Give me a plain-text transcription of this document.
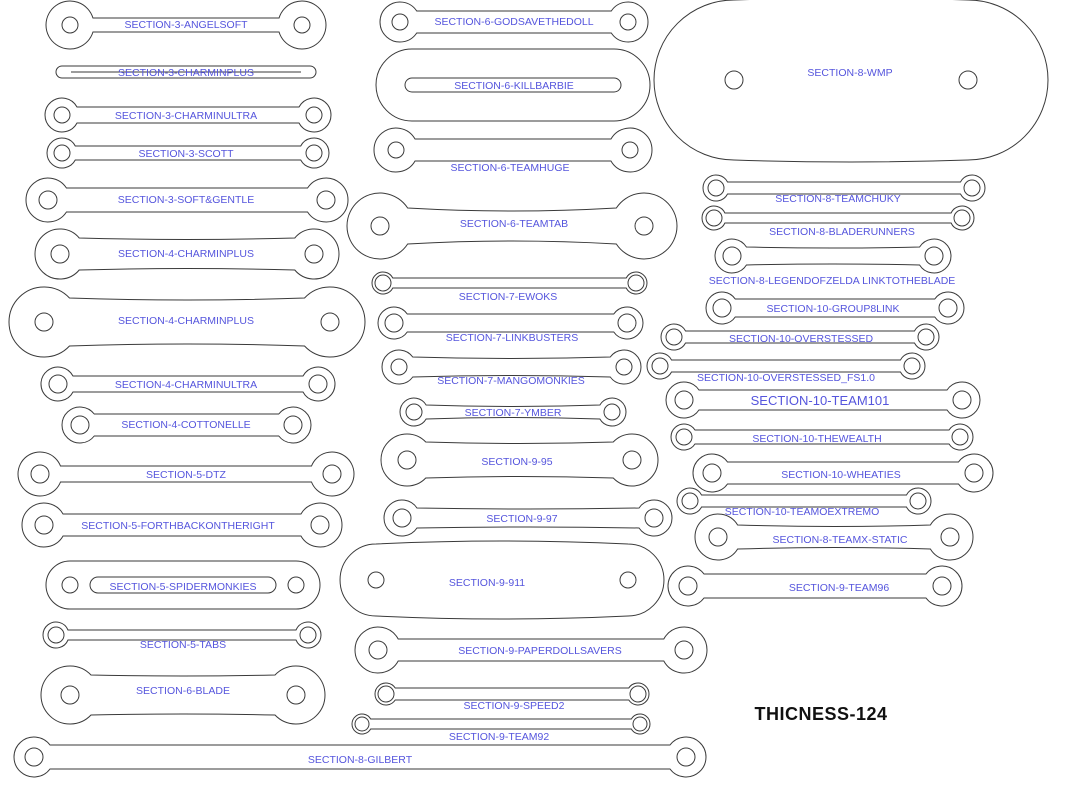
SECTION-3-ANGELSOFT
SECTION-3-CHARMINPLUS
SECTION-3-CHARMINULTRA
SECTION-3-SCOTT
SECTION-3-SOFT&GENTLE
SECTION-4-CHARMINPLUS
SECTION-4-CHARMINPLUS
SECTION-4-CHARMINULTRA
SECTION-4-COTTONELLE
SECTION-5-DTZ
SECTION-5-FORTHBACKONTHERIGHT
SECTION-5-SPIDERMONKIES
SECTION-5-TABS
SECTION-6-BLADE
SECTION-8-GILBERT
SECTION-6-GODSAVETHEDOLL
SECTION-6-KILLBARBIE
SECTION-6-TEAMHUGE
SECTION-6-TEAMTAB
SECTION-7-EWOKS
SECTION-7-LINKBUSTERS
SECTION-7-MANGOMONKIES
SECTION-7-YMBER
SECTION-9-95
SECTION-9-97
SECTION-9-911
SECTION-9-PAPERDOLLSAVERS
SECTION-9-SPEED2
SECTION-9-TEAM92
SECTION-8-WMP
SECTION-8-TEAMCHUKY
SECTION-8-BLADERUNNERS
SECTION-8-LEGENDOFZELDA LINKTOTHEBLADE
SECTION-10-GROUP8LINK
SECTION-10-OVERSTESSED
SECTION-10-OVERSTESSED_FS1.0
SECTION-10-TEAM101
SECTION-10-THEWEALTH
SECTION-10-WHEATIES
SECTION-10-TEAMOEXTREMO
SECTION-8-TEAMX-STATIC
SECTION-9-TEAM96
THICNESS-124
